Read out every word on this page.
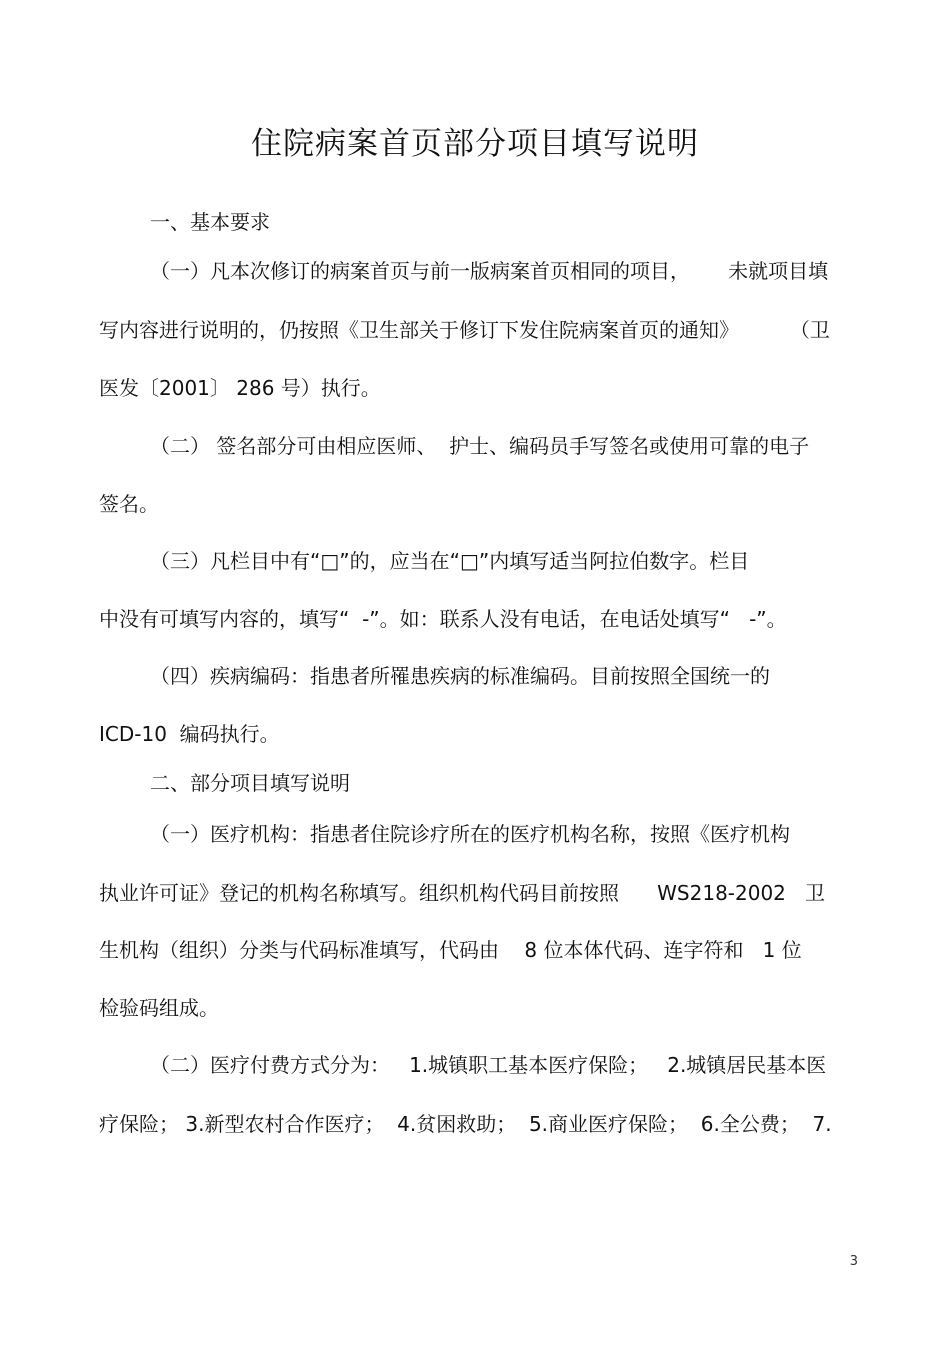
住院病案首页部分项目填写说明
一、基本要求
（一）凡本次修订的病案首页与前一版病案首页相同的项目，      未就项目填
写内容进行说明的，仍按照《卫生部关于修订下发住院病案首页的通知》        （卫
医发〔2001〕 286 号）执行。
（二） 签名部分可由相应医师、  护士、编码员手写签名或使用可靠的电子
签名。
（三）凡栏目中有“□”的，应当在“□”内填写适当阿拉伯数字。栏目
中没有可填写内容的，填写“  -”。如：联系人没有电话，在电话处填写“   -”。
（四）疾病编码：指患者所罹患疾病的标准编码。目前按照全国统一的
ICD-10  编码执行。
二、部分项目填写说明
（一）医疗机构：指患者住院诊疗所在的医疗机构名称，按照《医疗机构
执业许可证》登记的机构名称填写。组织机构代码目前按照      WS218-2002   卫
生机构（组织）分类与代码标准填写，代码由    8 位本体代码、连字符和   1 位
检验码组成。
（二）医疗付费方式分为：   1.城镇职工基本医疗保险；   2.城镇居民基本医
疗保险； 3.新型农村合作医疗；  4.贫困救助；  5.商业医疗保险；  6.全公费；  7.
3
